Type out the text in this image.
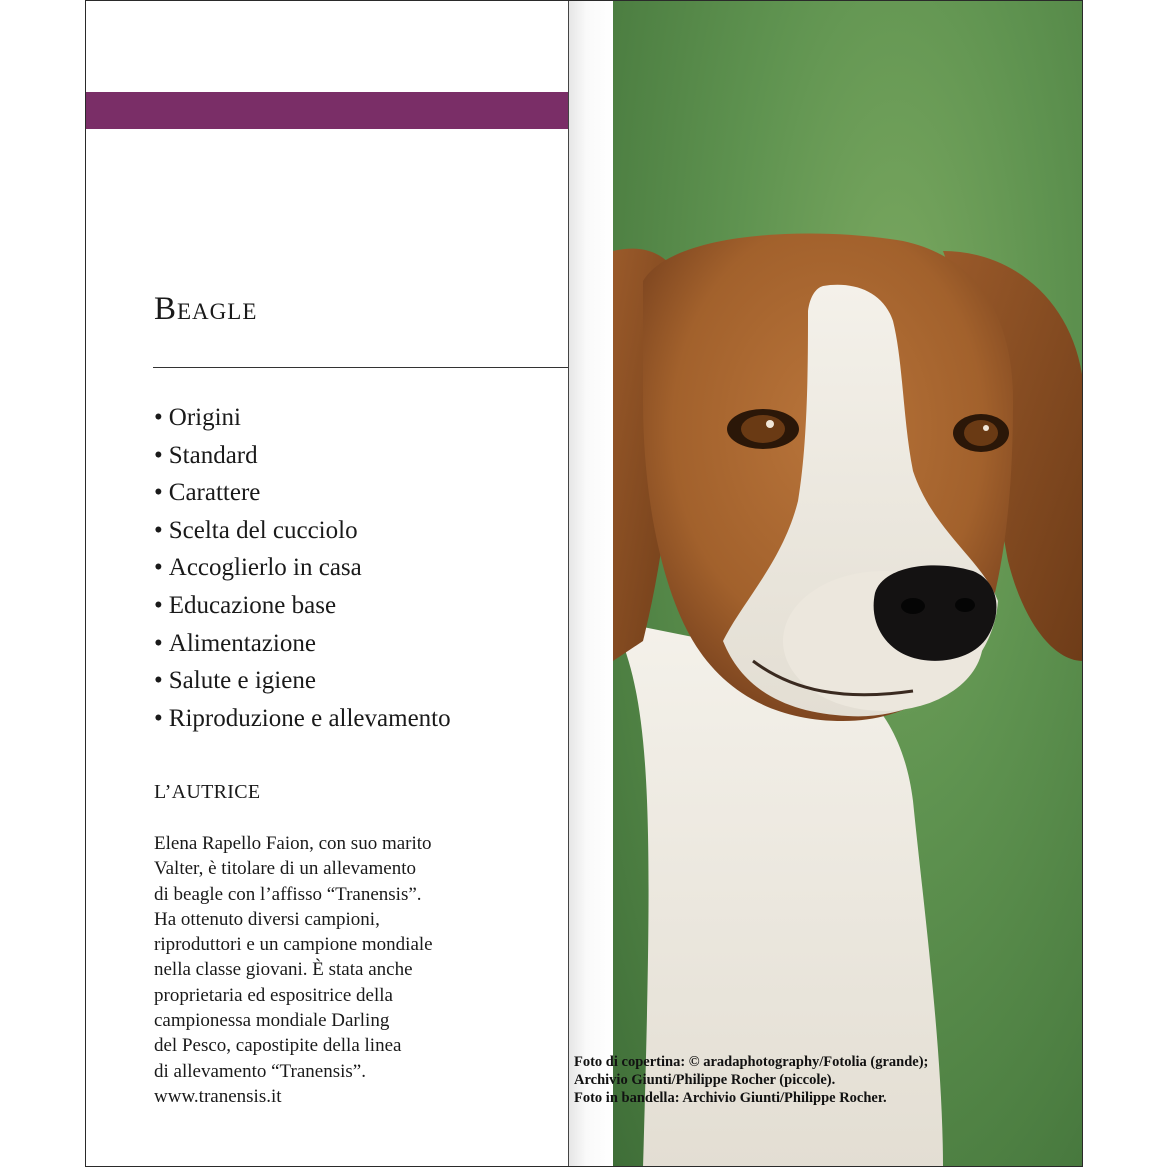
Beagle
• Origini
• Standard
• Carattere
• Scelta del cucciolo
• Accoglierlo in casa
• Educazione base
• Alimentazione
• Salute e igiene
• Riproduzione e allevamento
L’AUTRICE
Elena Rapello Faion, con suo marito
Valter, è titolare di un allevamento
di beagle con l’affisso “Tranensis”.
Ha ottenuto diversi campioni,
riproduttori e un campione mondiale
nella classe giovani. È stata anche
proprietaria ed espositrice della
campionessa mondiale Darling
del Pesco, capostipite della linea
di allevamento “Tranensis”.
www.tranensis.it
Foto di copertina: © aradaphotography/Fotolia (grande);
Archivio Giunti/Philippe Rocher (piccole).
Foto in bandella: Archivio Giunti/Philippe Rocher.
